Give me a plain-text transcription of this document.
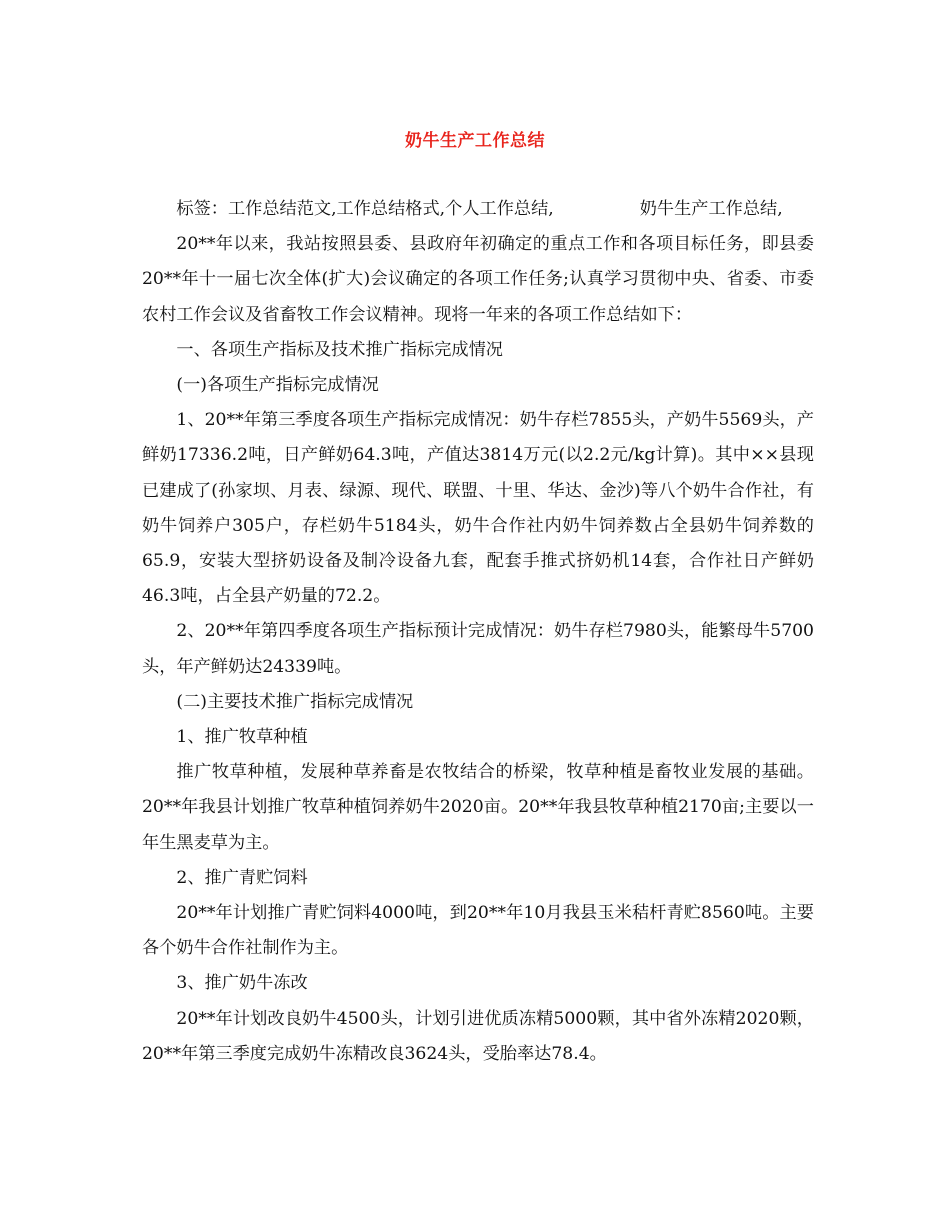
奶牛生产工作总结

标签：工作总结范文,工作总结格式,个人工作总结,	奶牛生产工作总结,

20**年以来，我站按照县委、县政府年初确定的重点工作和各项目标任务，即县委20**年十一届七次全体(扩大)会议确定的各项工作任务;认真学习贯彻中央、省委、市委农村工作会议及省畜牧工作会议精神。现将一年来的各项工作总结如下：

一、各项生产指标及技术推广指标完成情况

(一)各项生产指标完成情况

1、20**年第三季度各项生产指标完成情况：奶牛存栏7855头，产奶牛5569头，产鲜奶17336.2吨，日产鲜奶64.3吨，产值达3814万元(以2.2元/kg计算)。其中××县现已建成了(孙家坝、月表、绿源、现代、联盟、十里、华达、金沙)等八个奶牛合作社，有奶牛饲养户305户，存栏奶牛5184头，奶牛合作社内奶牛饲养数占全县奶牛饲养数的65.9，安装大型挤奶设备及制冷设备九套，配套手推式挤奶机14套，合作社日产鲜奶46.3吨，占全县产奶量的72.2。

2、20**年第四季度各项生产指标预计完成情况：奶牛存栏7980头，能繁母牛5700头，年产鲜奶达24339吨。

(二)主要技术推广指标完成情况

1、推广牧草种植

推广牧草种植，发展种草养畜是农牧结合的桥梁，牧草种植是畜牧业发展的基础。20**年我县计划推广牧草种植饲养奶牛2020亩。20**年我县牧草种植2170亩;主要以一年生黑麦草为主。

2、推广青贮饲料

20**年计划推广青贮饲料4000吨，到20**年10月我县玉米秸杆青贮8560吨。主要各个奶牛合作社制作为主。

3、推广奶牛冻改

20**年计划改良奶牛4500头，计划引进优质冻精5000颗，其中省外冻精2020颗，20**年第三季度完成奶牛冻精改良3624头，受胎率达78.4。
